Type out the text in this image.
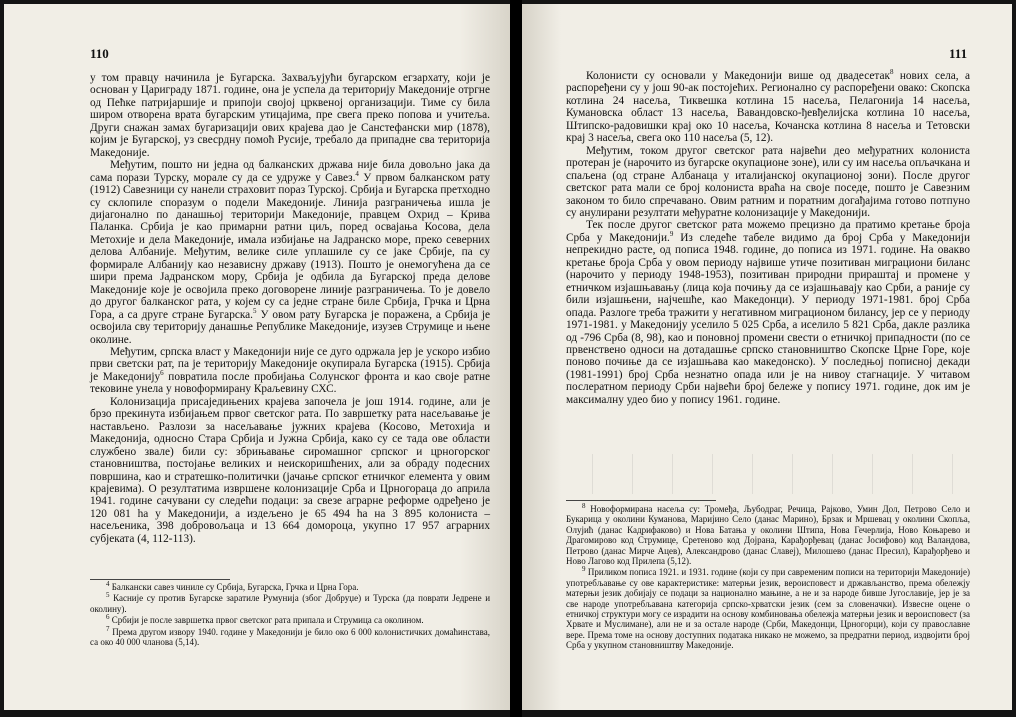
110

у том правцу начинила је Бугарска. Захваљујући бугарском егзархату, који је основан у Цариграду 1871. године, она је успела да територију Македоније отргне од Пећке патријаршије и припоји својој црквеној организацији. Тиме су била широм отворена врата бугарским утицајима, пре свега преко попова и учитеља. Други снажан замах бугаризацији ових крајева дао је Санстефански мир (1878), којим је Бугарској, уз свесрдну помоћ Русије, требало да припадне сва територија Македоније.

Међутим, пошто ни једна од балканских држава није била довољно јака да сама порази Турску, морале су да се удруже у Савез.$^4$ У првом балканском рату (1912) Савезници су нанели страховит пораз Турској. Србија и Бугарска претходно су склопиле споразум о подели Македоније. Линија разграничења ишла је дијагонално по данашњој територији Македоније, правцем Охрид – Крива Паланка. Србија је као примарни ратни циљ, поред освајања Косова, дела Метохије и дела Македоније, имала избијање на Јадранско море, преко северних делова Албаније. Међутим, велике силе уплашиле су се јаке Србије, па су формирале Албанију као независну државу (1913). Пошто је онемогућена да се шири према Јадранском мору, Србија је одбила да Бугарској преда делове Македоније које је освојила преко договорене линије разграничења. То је довело до другог балканског рата, у којем су са једне стране биле Србија, Грчка и Црна Гора, а са друге стране Бугарска.$^5$ У овом рату Бугарска је поражена, а Србија је освојила сву територију данашње Републике Македоније, изузев Струмице и њене околине.

Међутим, српска власт у Македонији није се дуго одржала јер је ускоро избио први светски рат, па је територију Македоније окупирала Бугарска (1915). Србија је Македонију$^6$ повратила после пробијања Солунског фронта и као своје ратне тековине унела у новоформирану Краљевину СХС.

Колонизација присаједињених крајева започела је још 1914. године, али је брзо прекинута избијањем првог светског рата. По завршетку рата насељавање је настављено. Разлози за насељавање јужних крајева (Косово, Метохија и Македонија, односно Стара Србија и Јужна Србија, како су се тада ове области службено звале) били су: збрињавање сиромашног српског и црногорског становништва, постојање великих и неискоришћених, али за обраду подесних површина, као и стратешко-политички (јачање српског етничког елемента у овим крајевима). О резултатима извршене колонизације Срба и Црногораца до априла 1941. године сачувани су следећи подаци: за свезе аграрне реформе одређено је 120 081 ha у Македонији, а издељено је 65 494 ha на 3 895 колониста – насељеника, 398 добровољаца и 13 664 домороца, укупно 17 957 аграрних субјеката (4, 112-113).

$^4$ Балкански савез чиниле су Србија, Бугарска, Грчка и Црна Гора.

$^5$ Касније су против Бугарске заратиле Румунија (због Добруџе) и Турска (да поврати Једрене и околину).

$^6$ Србији је после завршетка првог светског рата припала и Струмица са околином.

$^7$ Према другом извору 1940. године у Македонији је било око 6 000 колонистичких домаћинстава, са око 40 000 чланова (5,14).

111

Колонисти су основали у Македонији више од двадесетак$^8$ нових села, а распоређени су у још 90-ак постојећих. Регионално су распоређени овако: Скопска котлина 24 насеља, Тиквешка котлина 15 насеља, Пелагонија 14 насеља, Кумановска област 13 насеља, Вавандовско-ђевђелијска котлина 10 насеља, Штипско-радовишки крај око 10 насеља, Кочанска котлина 8 насеља и Тетовски крај 3 насеља, свега око 110 насеља (5, 12).

Међутим, током другог светског рата највећи део међуратних колониста протеран је (нарочито из бугарске окупационе зоне), или су им насеља опљачкана и спаљена (од стране Албанаца у италијанској окупационој зони). После другог светског рата мали се број колониста враћа на своје поседе, пошто је Савезним законом то било спречавано. Овим ратним и поратним догађајима готово потпуно су анулирани резултати међуратне колонизације у Македонији.

Тек после другог светског рата можемо прецизно да пратимо кретање броја Срба у Македонији.$^9$ Из следеће табеле видимо да број Срба у Македонији непрекидно расте, од пописа 1948. године, до пописа из 1971. године. На овакво кретање броја Срба у овом периоду највише утиче позитиван миграциони биланс (нарочито у периоду 1948-1953), позитиван природни прираштај и промене у етничком изјашњавању (лица која почињу да се изјашњавају као Срби, а раније су били изјашњени, најчешће, као Македонци). У периоду 1971-1981. број Срба опада. Разлоге треба тражити у негативном миграционом билансу, јер се у периоду 1971-1981. у Македонију уселило 5 025 Срба, а иселило 5 821 Срба, дакле разлика од -796 Срба (8, 98), као и поновној промени свести о етничкој припадности (по се првенствено односи на дотадашње српско становништво Скопске Црне Горе, које поново почиње да се изјашњава као македонско). У последњој пописној декади (1981-1991) број Срба незнатно опада или је на нивоу стагнације. У читавом послератном периоду Срби највећи број бележе у попису 1971. године, док им је максималну удео био у попису 1961. године.

$^8$ Новоформирана насеља су: Тромеђа, Љубодраг, Речица, Рајково, Умин Дол, Петрово Село и Букарица у околини Куманова, Маријино Село (данас Марино), Брзак и Мршевац у околини Скопља, Олујић (данас Кадрифаково) и Нова Батања у околини Штипа, Нова Гечерлија, Ново Коњарево и Драгомирово код Струмице, Сретеново код Дојрана, Карађорђевац (данас Јосифово) код Валандова, Петрово (данас Мирче Ацев), Александрово (данас Славеј), Милошево (данас Пресил), Карађорђево и Ново Лагово код Прилепа (5,12).

$^9$ Приликом пописа 1921. и 1931. године (који су при савременим пописи на територији Македоније) употребљавање су ове карактеристике: матерњи језик, вероисповест и држављанство, према обележју матерњи језик добијају се подаци за национално мањине, а не и за народе бивше Југославије, јер је за све народе употребљавана категорија српско-хрватски језик (сем за словеначки). Извесне оцене о етничкој структури могу се израдити на основу комбиновања обележја матерњи језик и вероисповест (за Хрвате и Муслимане), али не и за остале народе (Срби, Македонци, Црногорци), који су православне вере. Према томе на основу доступних података никако не можемо, за предратни период, издвојити број Срба у укупном становништву Македоније.
